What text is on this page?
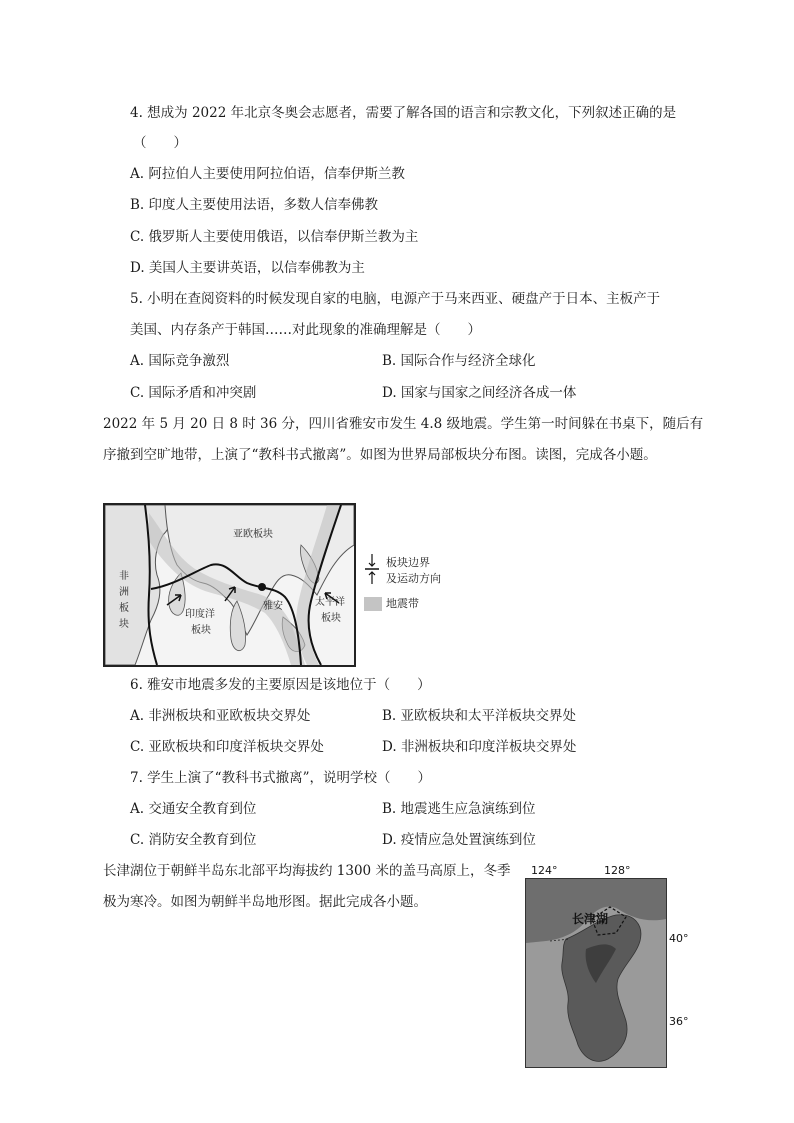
4. 想成为 2022 年北京冬奥会志愿者，需要了解各国的语言和宗教文化，下列叙述正确的是
（　　）
A. 阿拉伯人主要使用阿拉伯语，信奉伊斯兰教
B. 印度人主要使用法语，多数人信奉佛教
C. 俄罗斯人主要使用俄语，以信奉伊斯兰教为主
D. 美国人主要讲英语，以信奉佛教为主
5. 小明在查阅资料的时候发现自家的电脑，电源产于马来西亚、硬盘产于日本、主板产于
美国、内存条产于韩国……对此现象的准确理解是（　　）
A. 国际竞争激烈	B. 国际合作与经济全球化
C. 国际矛盾和冲突剧	D. 国家与国家之间经济各成一体
2022 年 5 月 20 日 8 时 36 分，四川省雅安市发生 4.8 级地震。学生第一时间躲在书桌下，随后有
序撤到空旷地带，上演了“教科书式撤离”。如图为世界局部板块分布图。读图，完成各小题。
亚欧板块
非
洲
板
块
印度洋
板块
雅安	太平洋
板块
板块边界
及运动方向
地震带
6. 雅安市地震多发的主要原因是该地位于（　　）
A. 非洲板块和亚欧板块交界处	B. 亚欧板块和太平洋板块交界处
C. 亚欧板块和印度洋板块交界处	D. 非洲板块和印度洋板块交界处
7. 学生上演了“教科书式撤离”，说明学校（　　）
A. 交通安全教育到位	B. 地震逃生应急演练到位
C. 消防安全教育到位	D. 疫情应急处置演练到位
长津湖位于朝鲜半岛东北部平均海拔约 1300 米的盖马高原上，冬季
极为寒冷。如图为朝鲜半岛地形图。据此完成各小题。
124°	128°
长津湖
40°
36°
